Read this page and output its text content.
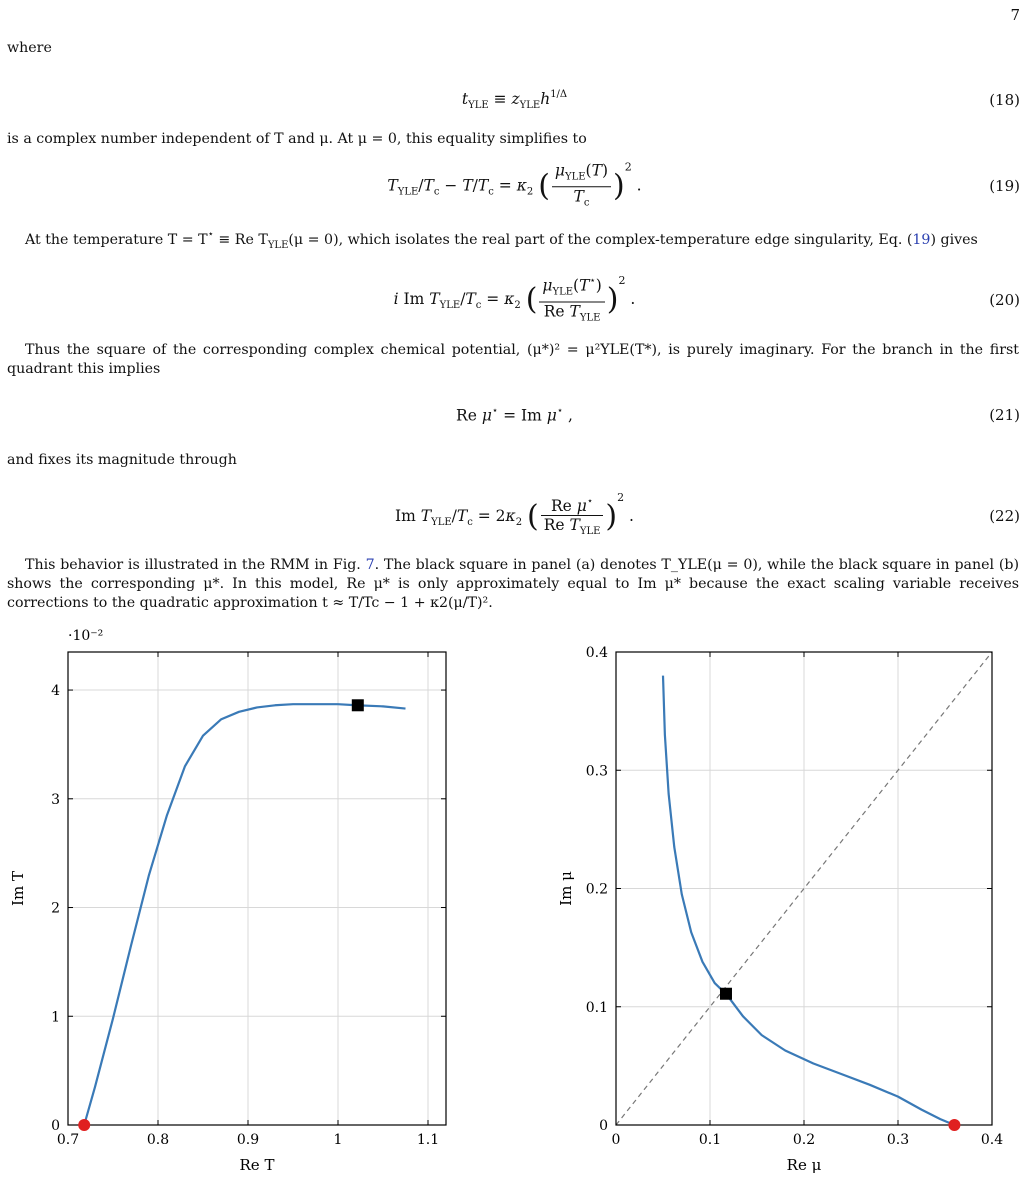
7
where
$t_{YLE} \equiv z_{YLE}h^{1/\Delta}$	(18)
is a complex number independent of T and μ. At μ = 0, this equality simplifies to
$T_{YLE}/T_c - T/T_c = \kappa_2$ ( $\frac{\mu_{YLE}(T)}{T_c} )^2$ .	(19)
At the temperature T = T⋆ ≡ Re $T_{YLE}(\mu = 0)$, which isolates the real part of the complex-temperature edge singularity, Eq. (19) gives
i Im $T_{YLE}/T_c = \kappa_2$ ( $\frac{\mu_{YLE}(T^⋆)}{Re T_{YLE}} )^2$ .	(20)
Thus the square of the corresponding complex chemical potential, (μ*)² = μ²YLE(T*), is purely imaginary. For the branch in the first quadrant this implies
Re μ⋆ = Im μ⋆ ,	(21)
and fixes its magnitude through
Im $T_{YLE}/T_c = 2\kappa_2$ ( $\frac{Re \mu^⋆}{Re T_{YLE}} )^2$ .	(22)
This behavior is illustrated in the RMM in Fig. 7. The black square in panel (a) denotes T_YLE(μ = 0), while the black square in panel (b) shows the corresponding μ*. In this model, Re μ* is only approximately equal to Im μ* because the exact scaling variable receives corrections to the quadratic approximation t ≈ T/Tc − 1 + κ2(μ/T)².
0.7	0.8	0.9	1	1.1
0
1
2
3
4
Re T
Im T
·10⁻²
0	0.1	0.2	0.3	0.4
0
0.1
0.2
0.3
0.4
Re μ
Im μ
